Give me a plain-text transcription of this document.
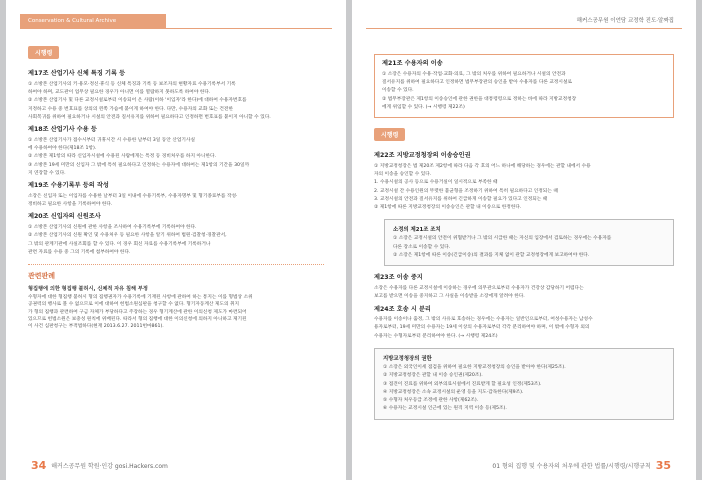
Conservation & Cultural Archive
시행령
제17조 산업기사 신체 특징 기록 등

① 소방본 산업기사의 키·용모·정신·휴식 등 신체 특징과 기록 등 보조자의 현황자료 수용기록부서 기록

하여야 하며, 교도관이 업무상 필요한 경우가 아니면 이를 열람하지 못하도록 하여야 한다.

② 소방본 산업기사 및 다른 교정시설로부터 이송되어 온 사람(이하 '이입자'라 한다)에 대하여 수용자번호를

지정하고 수용 중 번호표를 상의의 왼쪽 가슴에 붙이게 하여야 한다. 다만, 수용자의 교화 또는 건전한

사회복귀를 위하여 필요하거나 시설의 안전과 질서유지를 위하여 필요하다고 인정하면 번호표를 붙이지 아니할 수 있다.

제18조 산업기사 수용 등

① 소방본 산업기사가 접수시부터 귀휴시간 시 수용한 날부터 3일 동안 산업기사실

에 수용하여야 한다(제18조 1항).

② 소방본 제1항의 따라 신입자시설에 수용된 사람에게는 특정 등 경비처우를 하지 아니한다.

③ 소방본 19세 미만의 신입자 그 밖에 특히 필요하다고 인정하는 수용자에 대하여는 제1항의 기간을 30일까

지 연장할 수 있다.

제19조 수용기록부 등의 작성

소장은 신입자 또는 이입자를 수용한 날부터 3일 이내에 수용기록부, 수용자명부 및 형기종료부를 작성·

정비하고 필요한 사항을 기록하여야 한다.

제20조 신입자의 신원조사

① 소방본 산업기사의 신원에 관한 사항을 조사하여 수용기록부에 기록하여야 한다.

② 소방본 산업기사의 신원 확인 및 수용처우 등 필요한 사항을 알기 위하여 법원·검찰청·경찰관서,

그 밖의 관계기관에 사실조회를 할 수 있다. 이 경우 회신 자료를 수용기록부에 기록하거나

관련 자료를 수용 중 그의 기록에 첨부하여야 한다.

관련판례
형집행에 의한 형집행 불허시, 신체적 자유 침해 부정

수형자에 대한 형집행 불허시 형의 집행권자가 수용기록에 기재된 사항에 관하여 하는 통지는 이를 형법상 소위

공권력의 행사로 볼 수 없으므로 이에 대하여 헌법소원심판을 청구할 수 없다. 형기자동계산 제도의 취지

가 형의 집행과 관련하여 구금 자체가 부당하다고 주장하는 경우 형기계산에 관한 이의신청 제도가 마련되어

있으므로 헌법소원은 보충성 원칙에 위배된다. 따라서 형의 집행에 대한 이의신청에 의하지 아니하고 제기된

이 사건 심판청구는 부적법하다(현재 2013.6.27. 2011헌마861).

34 해커스공무원 학원·인강 gosi.Hackers.com
해커스공무원 이언담 교정학 진도·알짜집
제21조 수용자의 이송

① 소장은 수용자의 수용·작업·교화·의료, 그 밖의 처우를 위하여 필요하거나 시설의 안전과

질서유지를 위하여 필요하다고 인정하면 법무부장관의 승인을 받아 수용자를 다른 교정시설로

이송할 수 있다.

② 법무부장관은 제1항의 이송승인에 관한 권한을 대통령령으로 정하는 바에 따라 지방교정청장

에게 위임할 수 있다. (→ 시행령 제22조)

시행령
제22조 지방교정청장의 이송승인권

① 지방교정청장은 법 제20조 제2항에 따라 다음 각 호의 어느 하나에 해당하는 경우에는 관할 내에서 수용

자의 이송을 승인할 수 있다.

1. 수용시설의 공사 등으로 수용거실이 일시적으로 부족한 때

2. 교정시설 간 수용인원의 뚜렷한 불균형을 조정하기 위하여 특히 필요하다고 인정되는 때

3. 교정시설의 안전과 질서유지를 위하여 긴급하게 이송할 필요가 있다고 인정되는 때

② 제1항에 따른 지방교정청장의 이송승인은 관할 내 이송으로 한정한다.

소정의 제21조 조치

① 소장은 교정시설의 안전이 위협받거나 그 밖의 시급한 때는 자신의 입장에서 검토하는 경우에는 수용자를

다른 장소로 이송할 수 있다.

② 소장은 제1항에 따른 이송(긴급이송)의 결과를 지체 없이 관할 교정청장에게 보고하여야 한다.

제23조 이송 중지

소장은 수용자를 다른 교정시설에 이송하는 경우에 의무관으로부터 수용자가 건강상 감당하기 어렵다는

보고를 받으면 이송을 중지하고 그 사실을 이송받을 소장에게 알려야 한다.

제24조 호송 시 분리

수용자를 이송이나 출정, 그 밖의 사유로 호송하는 경우에는 수용자는 일반인으로부터, 여성수용자는 남성수

용자로부터, 19세 미만의 수용자는 19세 이상의 수용자로부터 각각 분리하여야 하며, 이 밖에 수형자 외의

수용자는 수형자로부터 분리하여야 한다. (→ 시행령 제24조)

지방교정청장의 권한

① 소장은 외국인이세 점검을 위하여 필요한 지방교정청장의 승인을 받아야 한다(제25조).

② 지방교정청장은 관할 내 이송 승인권(제20조).

③ 접견이 진료를 위하여 외부의료시설에서 진료받게 할 필요성 인정(제53조).

④ 지방교정청장은 소속 교정시설의 운영 등을 지도·감독한다(제9조).

⑤ 수형자 처우등급 조정에 관한 사항(제62조).

⑥ 수용자는 교정시설 인근에 있는 원격 지역 이송 등(제5조).

01 형의 집행 및 수용자의 처우에 관한 법률/시행령/시행규칙 35
